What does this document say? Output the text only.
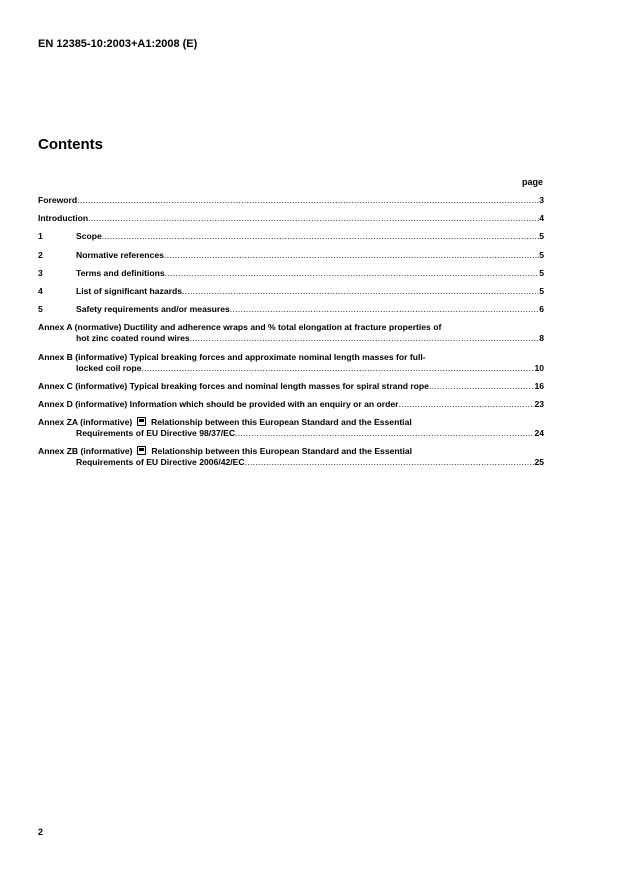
EN 12385-10:2003+A1:2008 (E)
Contents
page
Foreword .....	3
Introduction .....	4
1	Scope .....	5
2	Normative references .....	5
3	Terms and definitions .....	5
4	List of significant hazards .....	5
5	Safety requirements and/or measures .....	6
Annex A (normative) Ductility and adherence wraps and % total elongation at fracture properties of
hot zinc coated round wires .....	8
Annex B (informative) Typical breaking forces and approximate nominal length masses for full-
locked coil rope .....	10
Annex C (informative) Typical breaking forces and nominal length masses for spiral strand rope .....	16
Annex D (informative) Information which should be provided with an enquiry or an order .....	23
Annex ZA (informative) Relationship between this European Standard and the Essential
Requirements of EU Directive 98/37/EC .....	24
Annex ZB (informative) Relationship between this European Standard and the Essential
Requirements of EU Directive 2006/42/EC .....	25
2
